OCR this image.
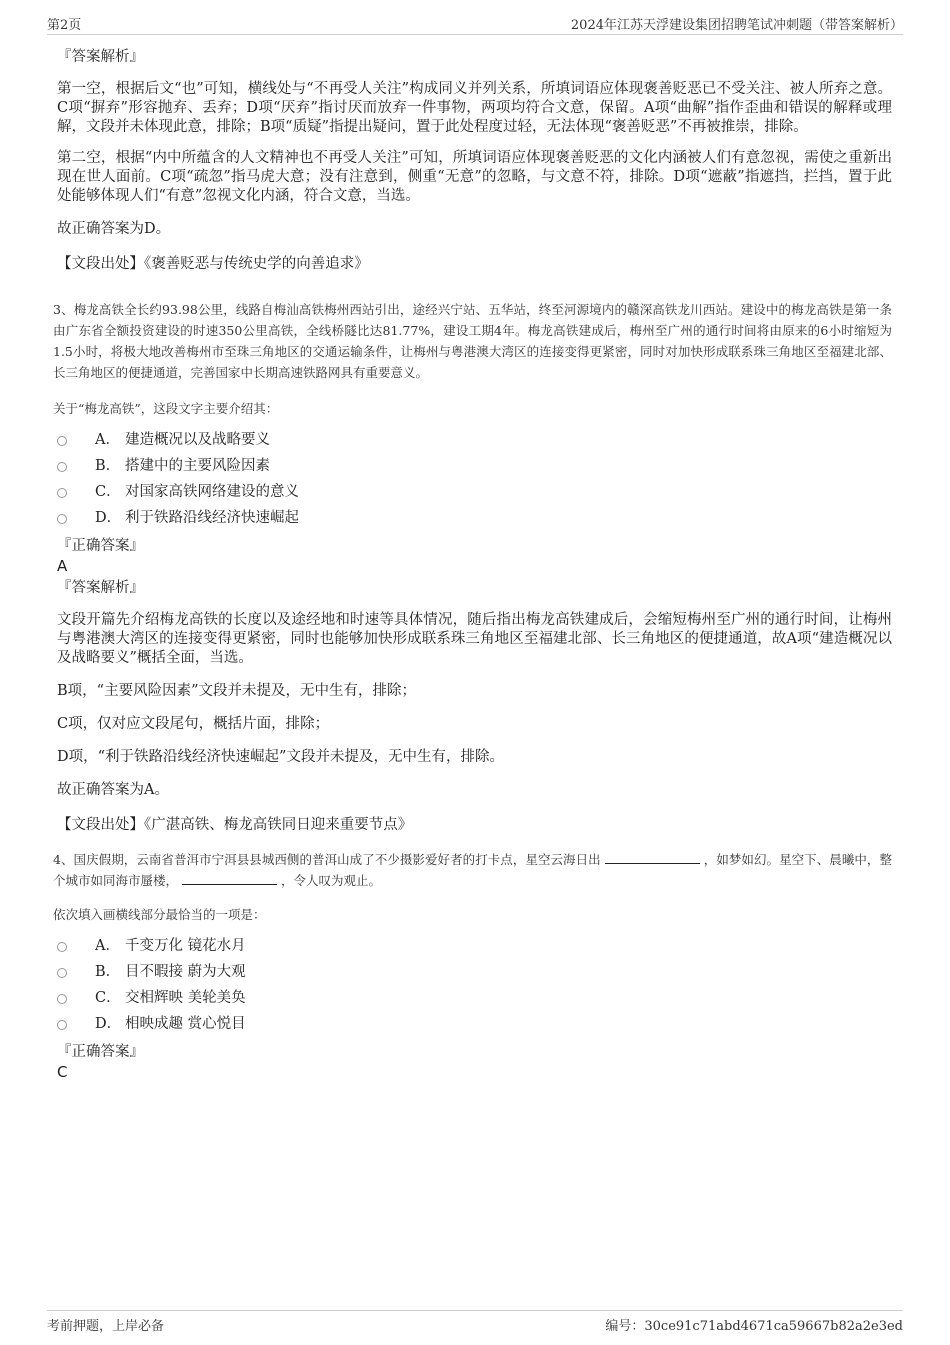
第2页	2024年江苏天浮建设集团招聘笔试冲刺题（带答案解析）

『答案解析』

第一空，根据后文“也”可知，横线处与“不再受人关注”构成同义并列关系，所填词语应体现褒善贬恶已不受关注、被人所弃之意。C项“摒弃”形容抛弃、丢弃；D项“厌弃”指讨厌而放弃一件事物，两项均符合文意，保留。A项“曲解”指作歪曲和错误的解释或理解，文段并未体现此意，排除；B项“质疑”指提出疑问，置于此处程度过轻，无法体现“褒善贬恶”不再被推崇，排除。

第二空，根据“内中所蕴含的人文精神也不再受人关注”可知，所填词语应体现褒善贬恶的文化内涵被人们有意忽视，需使之重新出现在世人面前。C项“疏忽”指马虎大意；没有注意到，侧重“无意”的忽略，与文意不符，排除。D项“遮蔽”指遮挡，拦挡，置于此处能够体现人们“有意”忽视文化内涵，符合文意，当选。

故正确答案为D。

【文段出处】《褒善贬恶与传统史学的向善追求》

3、梅龙高铁全长约93.98公里，线路自梅汕高铁梅州西站引出，途经兴宁站、五华站，终至河源境内的赣深高铁龙川西站。建设中的梅龙高铁是第一条由广东省全额投资建设的时速350公里高铁，全线桥隧比达81.77%，建设工期4年。梅龙高铁建成后，梅州至广州的通行时间将由原来的6小时缩短为1.5小时，将极大地改善梅州市至珠三角地区的交通运输条件，让梅州与粤港澳大湾区的连接变得更紧密，同时对加快形成联系珠三角地区至福建北部、长三角地区的便捷通道，完善国家中长期高速铁路网具有重要意义。

关于“梅龙高铁”，这段文字主要介绍其：

A． 建造概况以及战略要义
B． 搭建中的主要风险因素
C． 对国家高铁网络建设的意义
D． 利于铁路沿线经济快速崛起

『正确答案』

A

『答案解析』

文段开篇先介绍梅龙高铁的长度以及途经地和时速等具体情况，随后指出梅龙高铁建成后，会缩短梅州至广州的通行时间，让梅州与粤港澳大湾区的连接变得更紧密，同时也能够加快形成联系珠三角地区至福建北部、长三角地区的便捷通道，故A项“建造概况以及战略要义”概括全面，当选。

B项，“主要风险因素”文段并未提及，无中生有，排除；

C项，仅对应文段尾句，概括片面，排除；

D项，“利于铁路沿线经济快速崛起”文段并未提及，无中生有，排除。

故正确答案为A。

【文段出处】《广湛高铁、梅龙高铁同日迎来重要节点》

4、国庆假期，云南省普洱市宁洱县县城西侧的普洱山成了不少摄影爱好者的打卡点，星空云海日出	，如梦如幻。星空下、晨曦中，整个城市如同海市蜃楼，	，令人叹为观止。

依次填入画横线部分最恰当的一项是：

A． 千变万化 镜花水月
B． 目不暇接 蔚为大观
C． 交相辉映 美轮美奂
D． 相映成趣 赏心悦目

『正确答案』

C

考前押题，上岸必备	编号：30ce91c71abd4671ca59667b82a2e3ed
